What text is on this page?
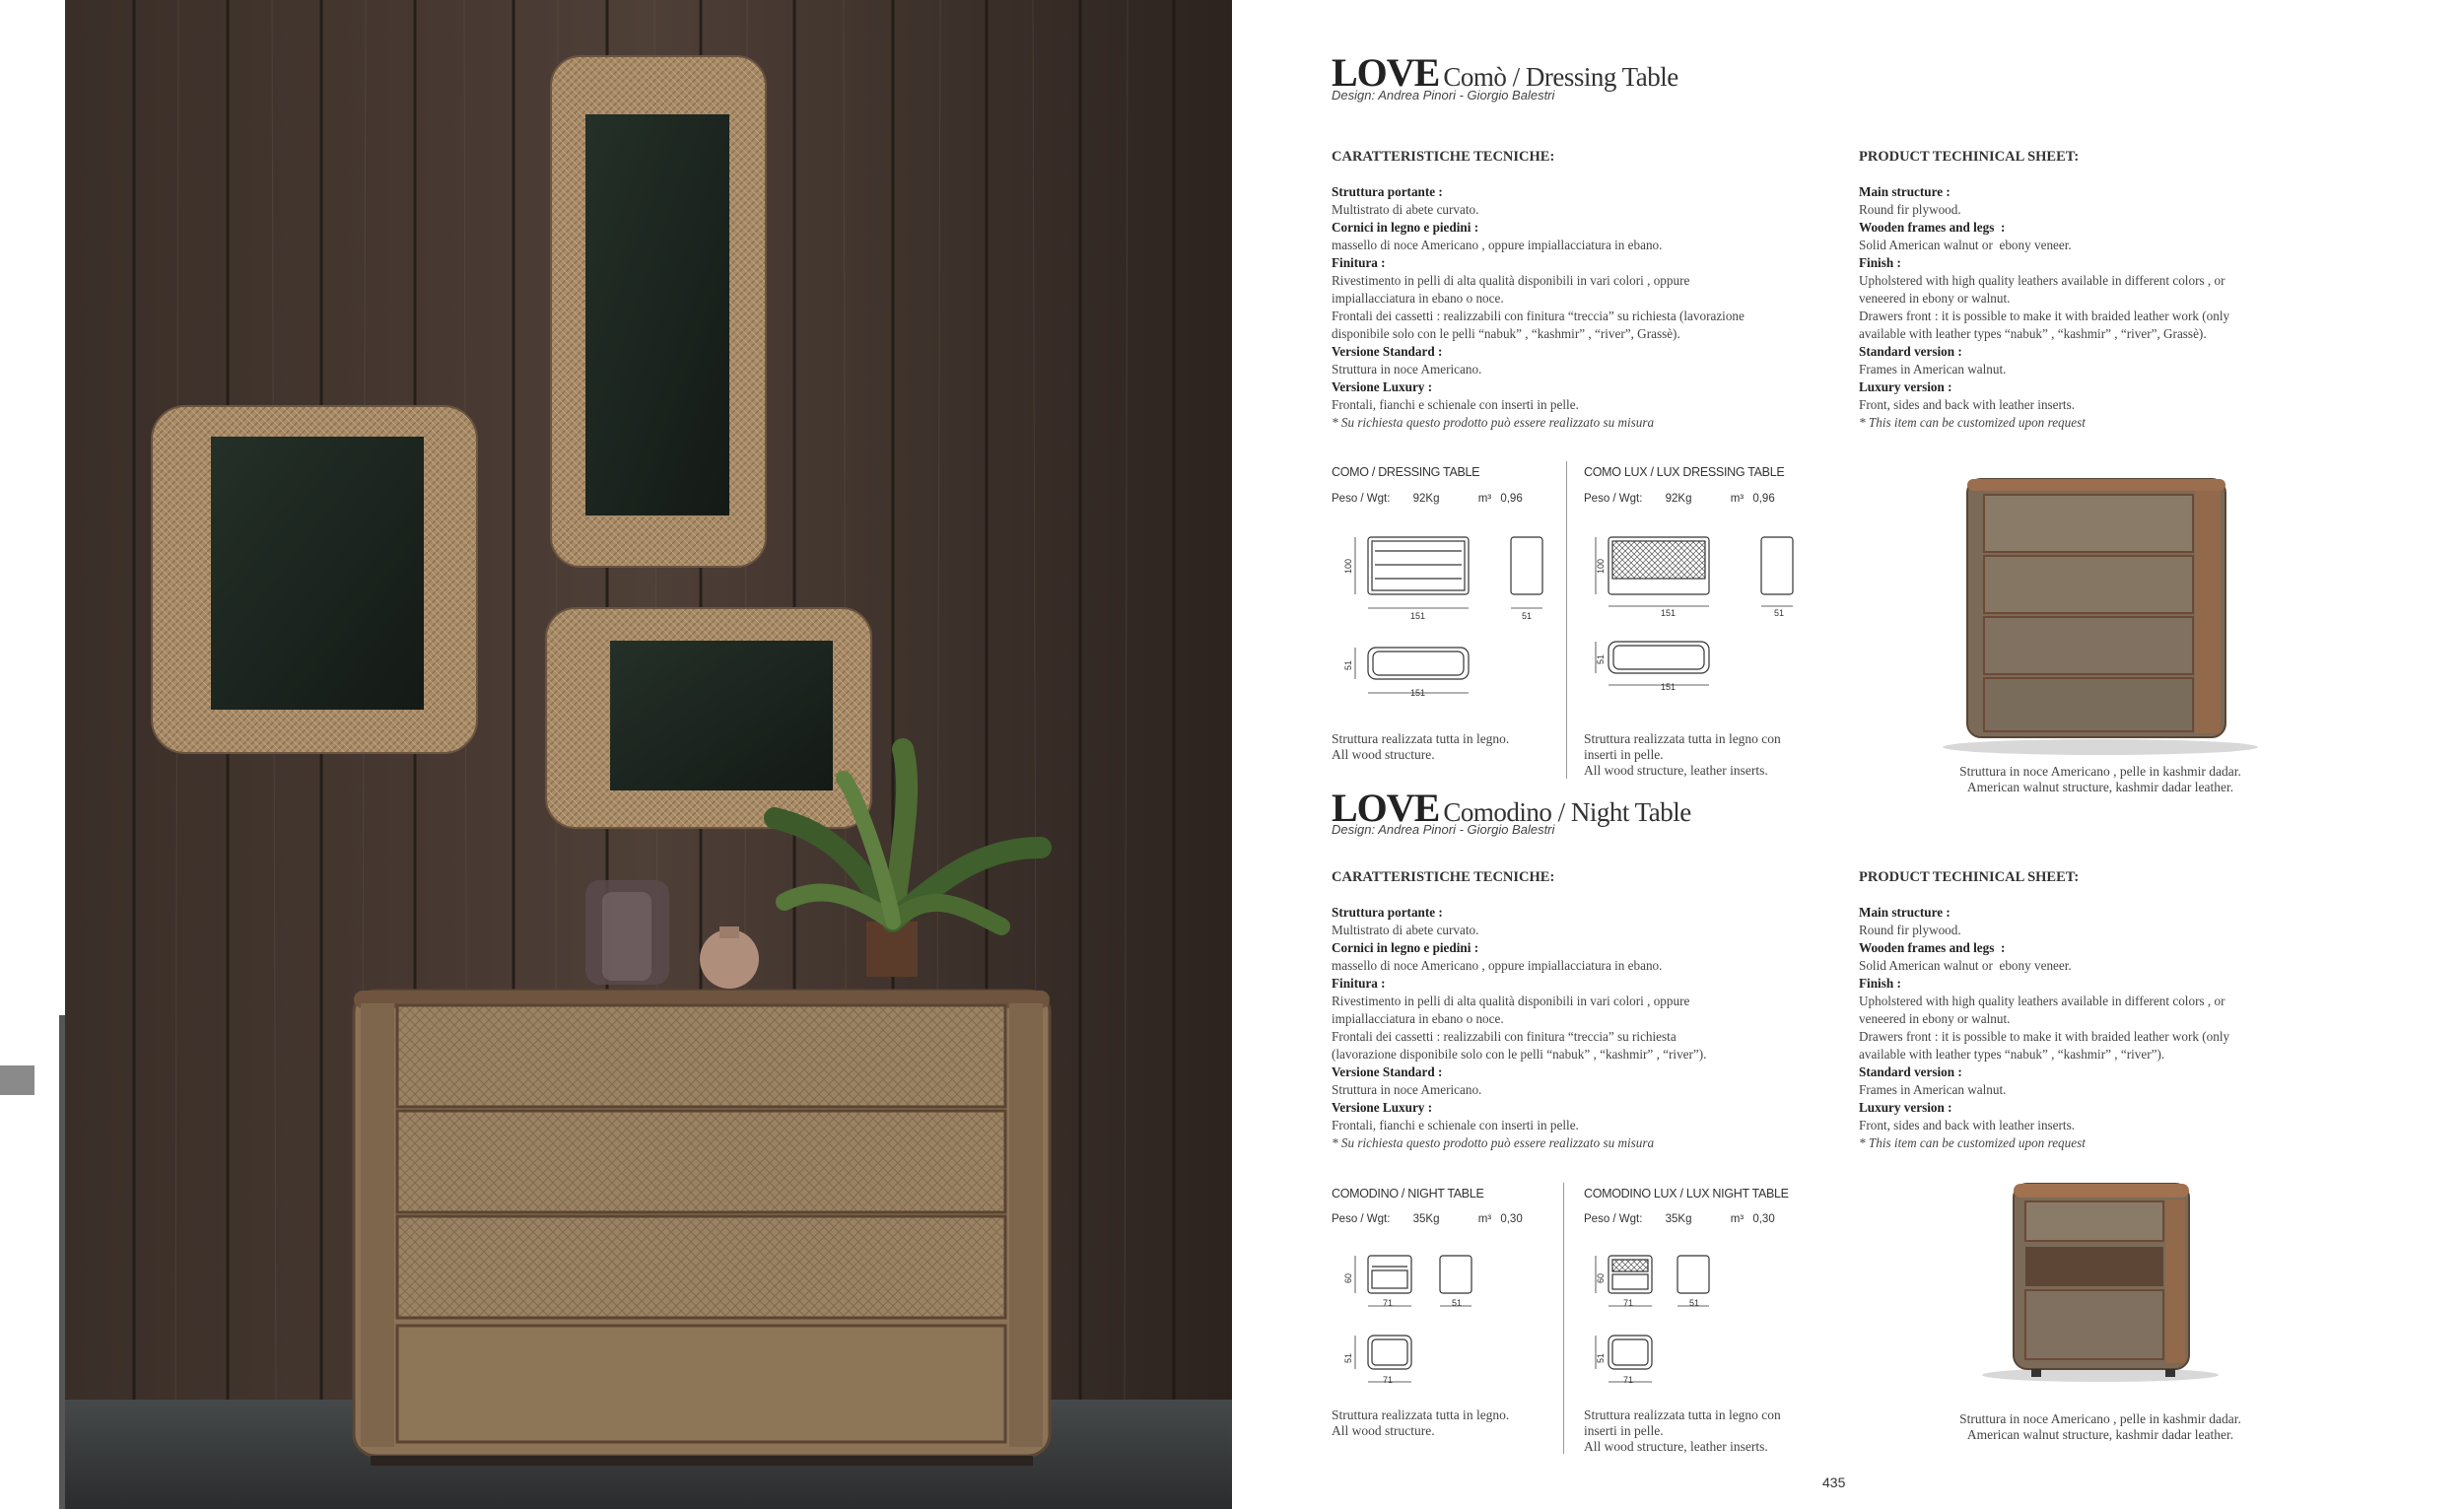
LOVE Comò / Dressing Table
Design: Andrea Pinori - Giorgio Balestri
CARATTERISTICHE TECNICHE:	PRODUCT TECHINICAL SHEET:
Struttura portante :
Multistrato di abete curvato.
Cornici in legno e piedini :
massello di noce Americano , oppure impiallacciatura in ebano.
Finitura :
Rivestimento in pelli di alta qualità disponibili in vari colori , oppure
impiallacciatura in ebano o noce.
Frontali dei cassetti : realizzabili con finitura “treccia” su richiesta (lavorazione
disponibile solo con le pelli “nabuk” , “kashmir” , “river”, Grassè).
Versione Standard :
Struttura in noce Americano.
Versione Luxury :
Frontali, fianchi e schienale con inserti in pelle.
* Su richiesta questo prodotto può essere realizzato su misura
Main structure :
Round fir plywood.
Wooden frames and legs  :
Solid American walnut or  ebony veneer.
Finish :
Upholstered with high quality leathers available in different colors , or
veneered in ebony or walnut.
Drawers front : it is possible to make it with braided leather work (only
available with leather types “nabuk” , “kashmir” , “river”, Grassè).
Standard version :
Frames in American walnut.
Luxury version :
Front, sides and back with leather inserts.
* This item can be customized upon request
COMO / DRESSING TABLE
Peso / Wgt: 92Kg	m³ 0,96
100
151	51
51
151
Struttura realizzata tutta in legno.
All wood structure.
COMO LUX / LUX DRESSING TABLE
Peso / Wgt: 92Kg	m³ 0,96
100
151	51
51
151
Struttura realizzata tutta in legno con
inserti in pelle.
All wood structure, leather inserts.	Struttura in noce Americano , pelle in kashmir dadar.
American walnut structure, kashmir dadar leather.
LOVE Comodino / Night Table
Design: Andrea Pinori - Giorgio Balestri
CARATTERISTICHE TECNICHE:	PRODUCT TECHINICAL SHEET:
Struttura portante :
Multistrato di abete curvato.
Cornici in legno e piedini :
massello di noce Americano , oppure impiallacciatura in ebano.
Finitura :
Rivestimento in pelli di alta qualità disponibili in vari colori , oppure
impiallacciatura in ebano o noce.
Frontali dei cassetti : realizzabili con finitura “treccia” su richiesta
(lavorazione disponibile solo con le pelli “nabuk” , “kashmir” , “river”).
Versione Standard :
Struttura in noce Americano.
Versione Luxury :
Frontali, fianchi e schienale con inserti in pelle.
* Su richiesta questo prodotto può essere realizzato su misura
Main structure :
Round fir plywood.
Wooden frames and legs  :
Solid American walnut or  ebony veneer.
Finish :
Upholstered with high quality leathers available in different colors , or
veneered in ebony or walnut.
Drawers front : it is possible to make it with braided leather work (only
available with leather types “nabuk” , “kashmir” , “river”).
Standard version :
Frames in American walnut.
Luxury version :
Front, sides and back with leather inserts.
* This item can be customized upon request
COMODINO / NIGHT TABLE
Peso / Wgt: 35Kg	m³ 0,30
60
71	51
51
71
Struttura realizzata tutta in legno.
All wood structure.
COMODINO LUX / LUX NIGHT TABLE
Peso / Wgt: 35Kg	m³ 0,30
60
71	51
51
71
Struttura realizzata tutta in legno con
inserti in pelle.
All wood structure, leather inserts.
Struttura in noce Americano , pelle in kashmir dadar.
American walnut structure, kashmir dadar leather.
435
